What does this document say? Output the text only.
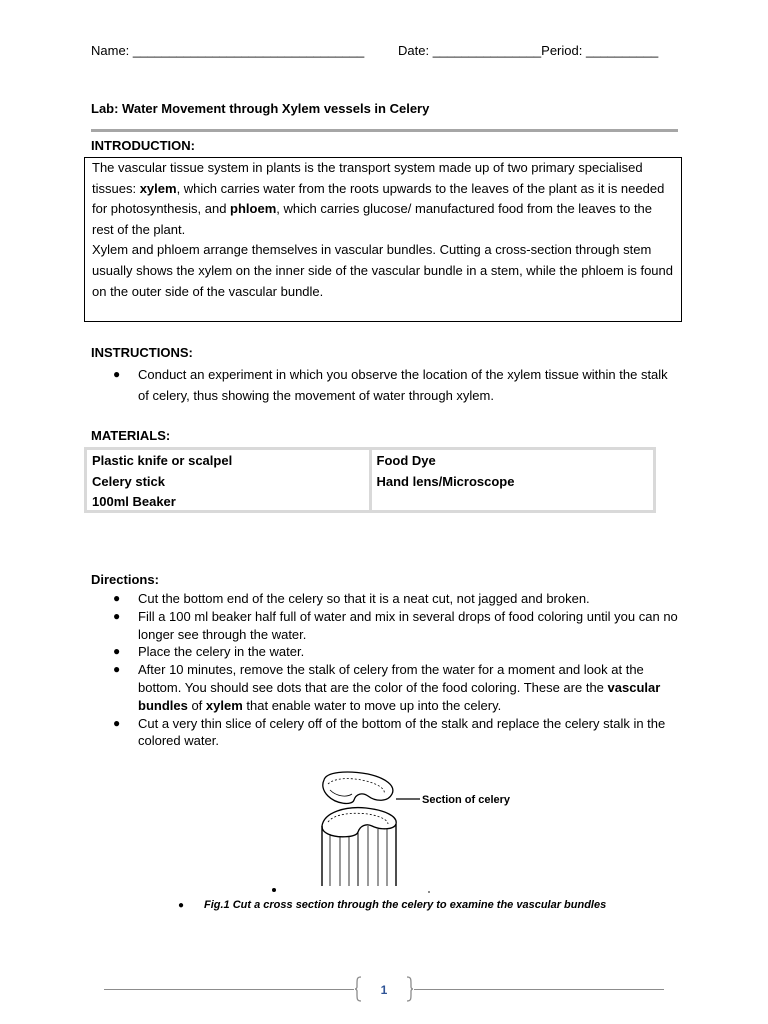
Name: ________________________________	Date: _______________Period: __________
Lab: Water Movement through Xylem vessels in Celery
INTRODUCTION:

The vascular tissue system in plants is the transport system made up of two primary specialised tissues: xylem, which carries water from the roots upwards to the leaves of the plant as it is needed for photosynthesis, and phloem, which carries glucose/ manufactured food from the leaves to the rest of the plant.

Xylem and phloem arrange themselves in vascular bundles. Cutting a cross-section through stem usually shows the xylem on the inner side of the vascular bundle in a stem, while the phloem is found on the outer side of the vascular bundle.

INSTRUCTIONS:
● Conduct an experiment in which you observe the location of the xylem tissue within the stalk of celery, thus showing the movement of water through xylem.
MATERIALS:
Plastic knife or scalpel
Celery stick
100ml Beaker
Food Dye
Hand lens/Microscope
Directions:
● Cut the bottom end of the celery so that it is a neat cut, not jagged and broken.
● Fill a 100 ml beaker half full of water and mix in several drops of food coloring until you can no longer see through the water.
● Place the celery in the water.
● After 10 minutes, remove the stalk of celery from the water for a moment and look at the bottom. You should see dots that are the color of the food coloring. These are the vascular bundles of xylem that enable water to move up into the celery.
● Cut a very thin slice of celery off of the bottom of the stalk and replace the celery stalk in the colored water.
Section of celery
● Fig.1 Cut a cross section through the celery to examine the vascular bundles
1
